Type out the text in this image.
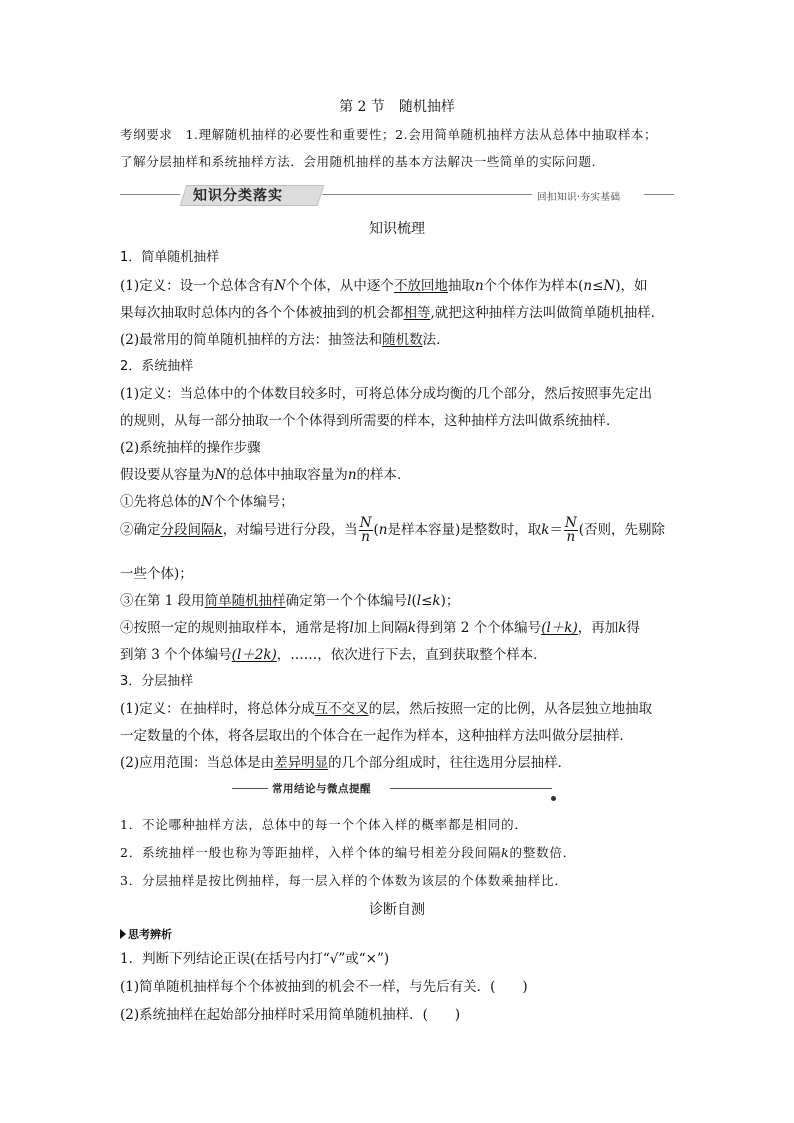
第 2 节　随机抽样
考纲要求　1.理解随机抽样的必要性和重要性；2.会用简单随机抽样方法从总体中抽取样本；
了解分层抽样和系统抽样方法．会用随机抽样的基本方法解决一些简单的实际问题．
知识分类落实	回扣知识·夯实基础
知识梳理
1．简单随机抽样
(1)定义：设一个总体含有N个个体，从中逐个不放回地抽取n个个体作为样本(n≤N)，如
果每次抽取时总体内的各个个体被抽到的机会都相等,就把这种抽样方法叫做简单随机抽样．
(2)最常用的简单随机抽样的方法：抽签法和随机数法．
2．系统抽样
(1)定义：当总体中的个体数目较多时，可将总体分成均衡的几个部分，然后按照事先定出
的规则，从每一部分抽取一个个体得到所需要的样本，这种抽样方法叫做系统抽样．
(2)系统抽样的操作步骤
假设要从容量为N的总体中抽取容量为n的样本．
①先将总体的N个个体编号；
②确定分段间隔k，对编号进行分段，当 $\frac{N}{n} (n$是样本容量)是整数时，取$k= \frac{N}{n}$ (否则，先剔除
一些个体)；
③在第 1 段用简单随机抽样确定第一个个体编号l(l≤k)；
④按照一定的规则抽取样本，通常是将l加上间隔k得到第 2 个个体编号(l＋k)，再加k得
到第 3 个个体编号(l＋2k)，……，依次进行下去，直到获取整个样本．
3．分层抽样
(1)定义：在抽样时，将总体分成互不交叉的层，然后按照一定的比例，从各层独立地抽取
一定数量的个体，将各层取出的个体合在一起作为样本，这种抽样方法叫做分层抽样．
(2)应用范围：当总体是由差异明显的几个部分组成时，往往选用分层抽样．
常用结论与微点提醒
1．不论哪种抽样方法，总体中的每一个个体入样的概率都是相同的．
2．系统抽样一般也称为等距抽样，入样个体的编号相差分段间隔k的整数倍．
3．分层抽样是按比例抽样，每一层入样的个体数为该层的个体数乘抽样比．
诊断自测
思考辨析
1．判断下列结论正误(在括号内打“√”或“×”)
(1)简单随机抽样每个个体被抽到的机会不一样，与先后有关．(　　)
(2)系统抽样在起始部分抽样时采用简单随机抽样．(　　)
